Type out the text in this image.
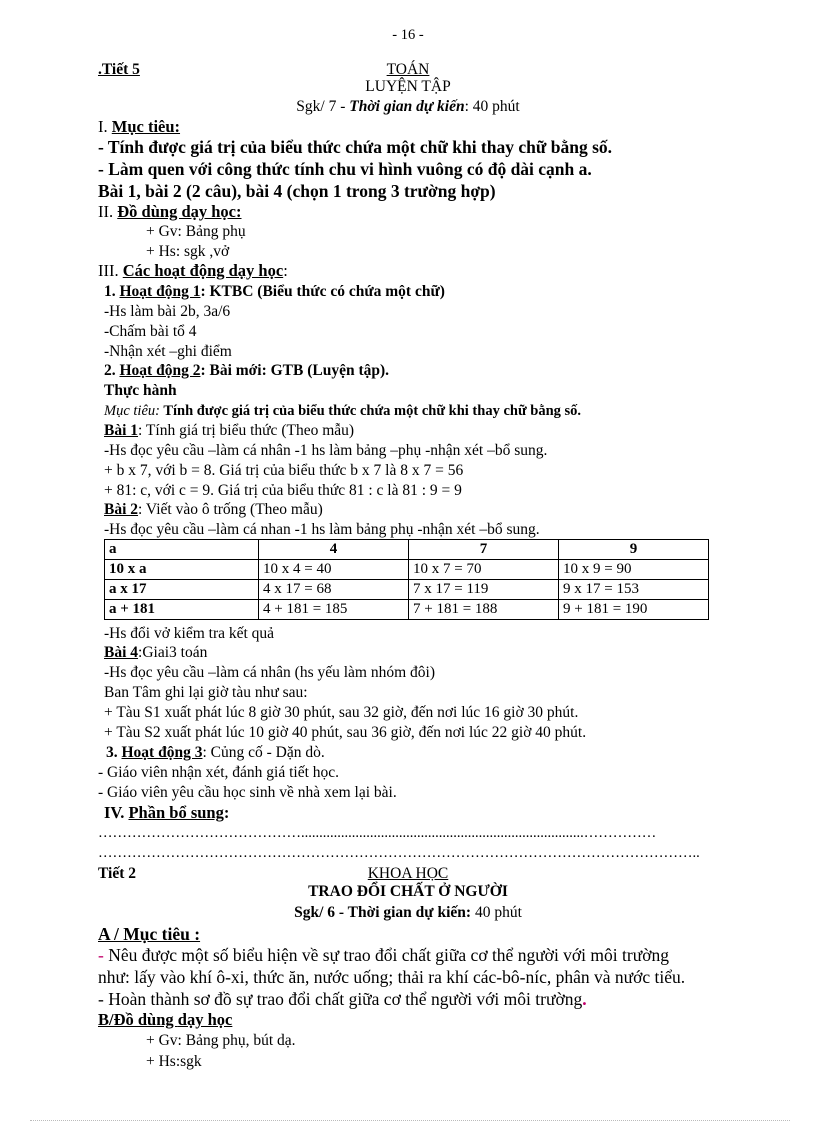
- 16 -
.Tiết 5	TOÁN
LUYỆN TẬP
Sgk/ 7 - Thời gian dự kiến: 40 phút
I. Mục tiêu:
- Tính được giá trị của biểu thức chứa một chữ khi thay chữ bằng số.
- Làm quen với công thức tính chu vi hình vuông có độ dài cạnh a.
Bài 1, bài 2 (2 câu), bài 4 (chọn 1 trong 3 trường hợp)
II. Đồ dùng dạy học:
+ Gv: Bảng phụ
+ Hs: sgk ,vở
III. Các hoạt động dạy học:
1. Hoạt động 1: KTBC (Biểu thức có chứa một chữ)
-Hs làm bài 2b, 3a/6
-Chấm bài tổ 4
-Nhận xét –ghi điểm
2. Hoạt động 2: Bài mới: GTB (Luyện tập).
Thực hành
Mục tiêu: Tính được giá trị của biểu thức chứa một chữ khi thay chữ bằng số.
Bài 1: Tính giá trị biểu thức (Theo mẫu)
-Hs đọc yêu cầu –làm cá nhân -1 hs làm bảng –phụ -nhận xét –bổ sung.
+ b x 7, với b = 8. Giá trị của biểu thức b x 7 là 8 x 7 = 56
+ 81: c, với c = 9. Giá trị của biểu thức 81 : c là 81 : 9 = 9
Bài 2: Viết vào ô trống (Theo mẫu)
-Hs đọc yêu cầu –làm cá nhan -1 hs làm bảng phụ -nhận xét –bổ sung.
a	4	7	9
10 x a	10 x 4 = 40	10 x 7 = 70	10 x 9 = 90
a x 17	4 x 17 = 68	7 x 17 = 119	9 x 17 = 153
a + 181	4 + 181 = 185	7 + 181 = 188	9 + 181 = 190
-Hs đổi vở kiểm tra kết quả
Bài 4:Giai3 toán
-Hs đọc yêu cầu –làm cá nhân (hs yếu làm nhóm đôi)
Ban Tâm ghi lại giờ tàu như sau:
+ Tàu S1 xuất phát lúc 8 giờ 30 phút, sau 32 giờ, đến nơi lúc 16 giờ 30 phút.
+ Tàu S2 xuất phát lúc 10 giờ 40 phút, sau 36 giờ, đến nơi lúc 22 giờ 40 phút.
3. Hoạt động 3: Củng cố - Dặn dò.
- Giáo viên nhận xét, đánh giá tiết học.
- Giáo viên yêu cầu học sinh về nhà xem lại bài.
IV. Phần bổ sung:
……………………………………..............................................................................……………
……………………………………………………………………………………………………………..
Tiết 2	KHOA HỌC
TRAO ĐỔI CHẤT Ở NGƯỜI
Sgk/ 6 - Thời gian dự kiến: 40 phút
A / Mục tiêu :
- Nêu được một số biểu hiện về sự trao đổi chất giữa cơ thể người với môi trường
như: lấy vào khí ô-xi, thức ăn, nước uống; thải ra khí các-bô-níc, phân và nước tiểu.
- Hoàn thành sơ đồ sự trao đổi chất giữa cơ thể người với môi trường.
B/Đồ dùng dạy học
+ Gv: Bảng phụ, bút dạ.
+ Hs:sgk
